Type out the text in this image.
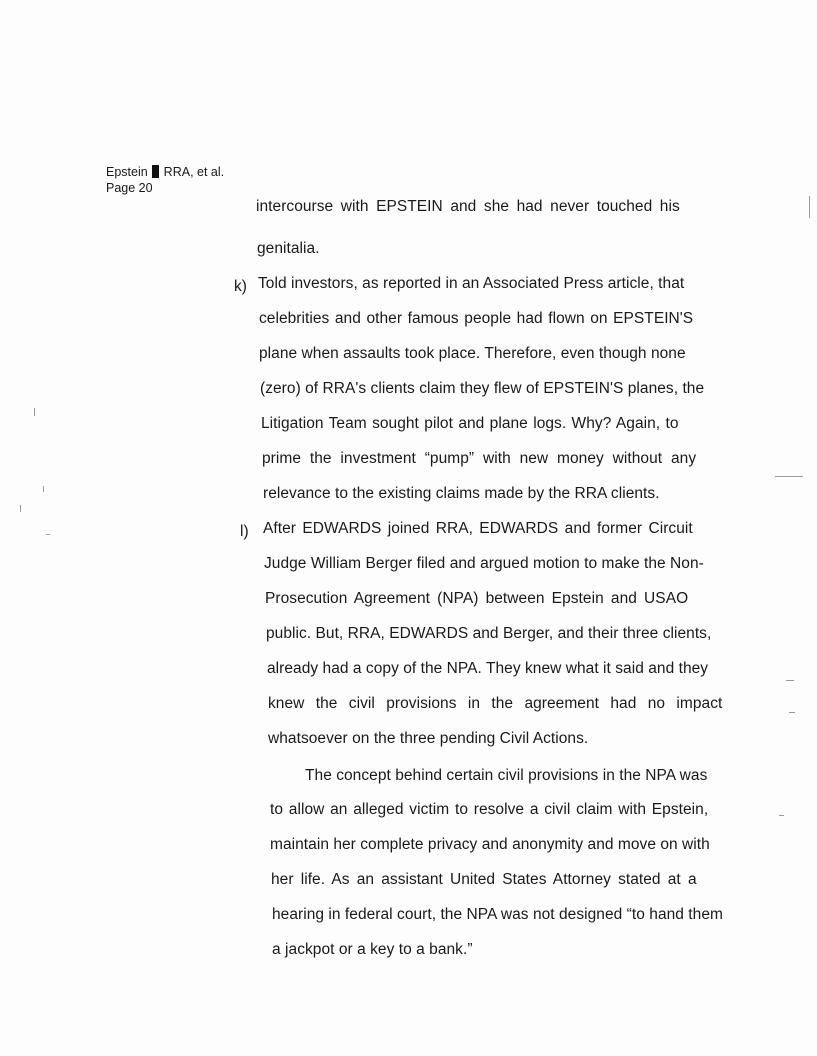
Epstein RRA, et al.
Page 20
intercourse with EPSTEIN and she had never touched his
genitalia.
k) Told investors, as reported in an Associated Press article, that
celebrities and other famous people had flown on EPSTEIN'S
plane when assaults took place. Therefore, even though none
(zero) of RRA's clients claim they flew of EPSTEIN'S planes, the
Litigation Team sought pilot and plane logs. Why? Again, to
prime the investment “pump” with new money without any
relevance to the existing claims made by the RRA clients.
l) After EDWARDS joined RRA, EDWARDS and former Circuit
Judge William Berger filed and argued motion to make the Non-
Prosecution Agreement (NPA) between Epstein and USAO
public. But, RRA, EDWARDS and Berger, and their three clients,
already had a copy of the NPA. They knew what it said and they
knew the civil provisions in the agreement had no impact
whatsoever on the three pending Civil Actions.
The concept behind certain civil provisions in the NPA was
to allow an alleged victim to resolve a civil claim with Epstein,
maintain her complete privacy and anonymity and move on with
her life. As an assistant United States Attorney stated at a
hearing in federal court, the NPA was not designed “to hand them
a jackpot or a key to a bank.”
